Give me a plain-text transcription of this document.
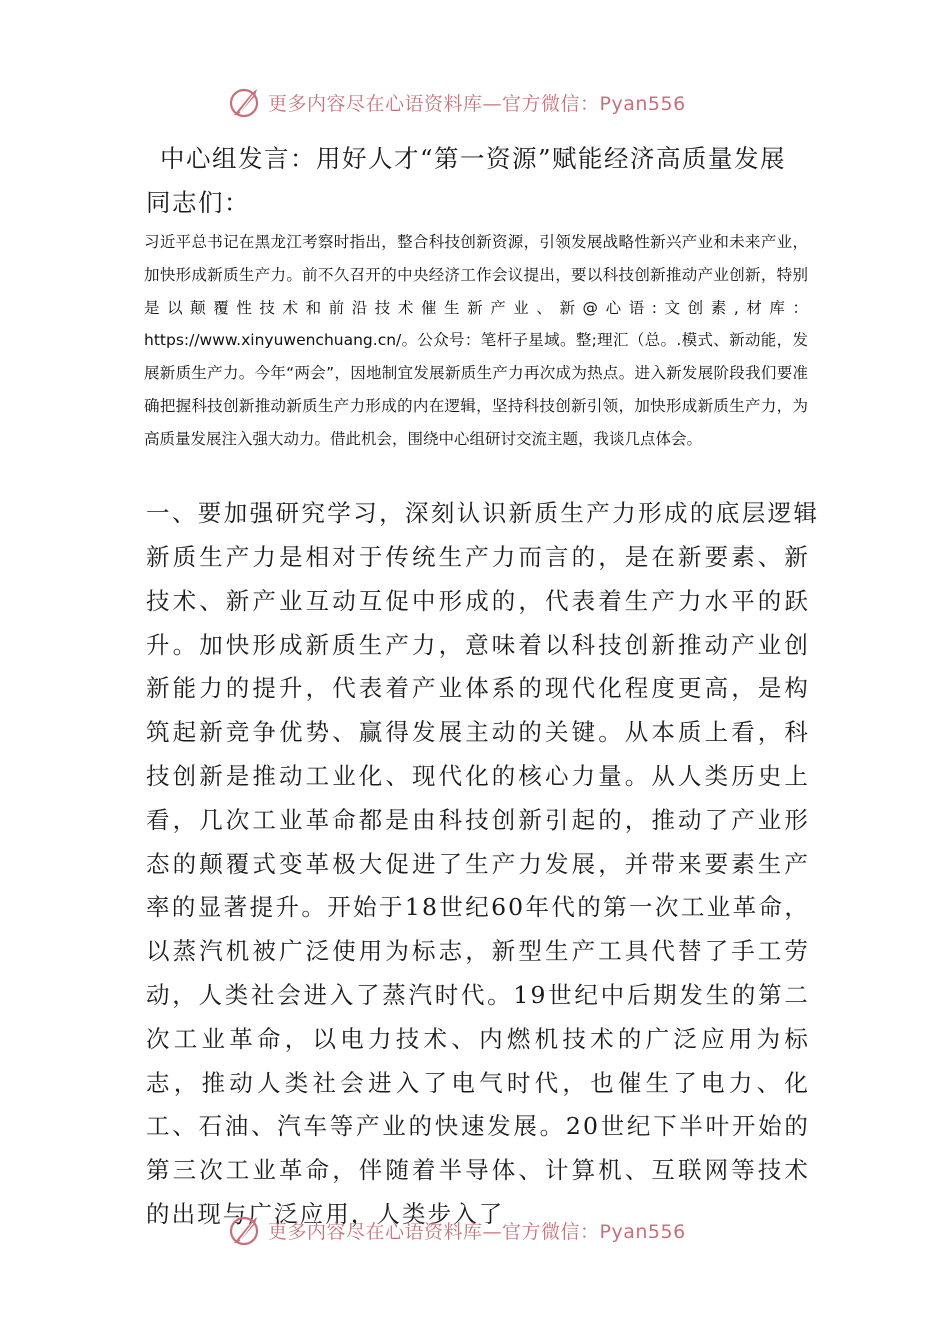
更多内容尽在心语资料库—官方微信：Pyan556
中心组发言：用好人才“第一资源”赋能经济高质量发展
同志们：

习近平总书记在黑龙江考察时指出，整合科技创新资源，引领发展战略性新兴产业和未来产业，加快形成新质生产力。前不久召开的中央经济工作会议提出，要以科技创新推动产业创新，特别是以颠覆性技术和前沿技术催生新产业、新@心语:文创素,材库：https://www.xinyuwenchuang.cn/。公众号：笔杆子星域。整;理汇（总。.模式、新动能，发展新质生产力。今年“两会”，因地制宜发展新质生产力再次成为热点。进入新发展阶段我们要准确把握科技创新推动新质生产力形成的内在逻辑，坚持科技创新引领，加快形成新质生产力，为高质量发展注入强大动力。借此机会，围绕中心组研讨交流主题，我谈几点体会。

一、要加强研究学习，深刻认识新质生产力形成的底层逻辑

新质生产力是相对于传统生产力而言的，是在新要素、新技术、新产业互动互促中形成的，代表着生产力水平的跃升。加快形成新质生产力，意味着以科技创新推动产业创新能力的提升，代表着产业体系的现代化程度更高，是构筑起新竞争优势、赢得发展主动的关键。从本质上看，科技创新是推动工业化、现代化的核心力量。从人类历史上看，几次工业革命都是由科技创新引起的，推动了产业形态的颠覆式变革极大促进了生产力发展，并带来要素生产率的显著提升。开始于18世纪60年代的第一次工业革命，以蒸汽机被广泛使用为标志，新型生产工具代替了手工劳动，人类社会进入了蒸汽时代。19世纪中后期发生的第二次工业革命，以电力技术、内燃机技术的广泛应用为标志，推动人类社会进入了电气时代，也催生了电力、化工、石油、汽车等产业的快速发展。20世纪下半叶开始的第三次工业革命，伴随着半导体、计算机、互联网等技术的出现与广泛应用，人类步入了

更多内容尽在心语资料库—官方微信：Pyan556
